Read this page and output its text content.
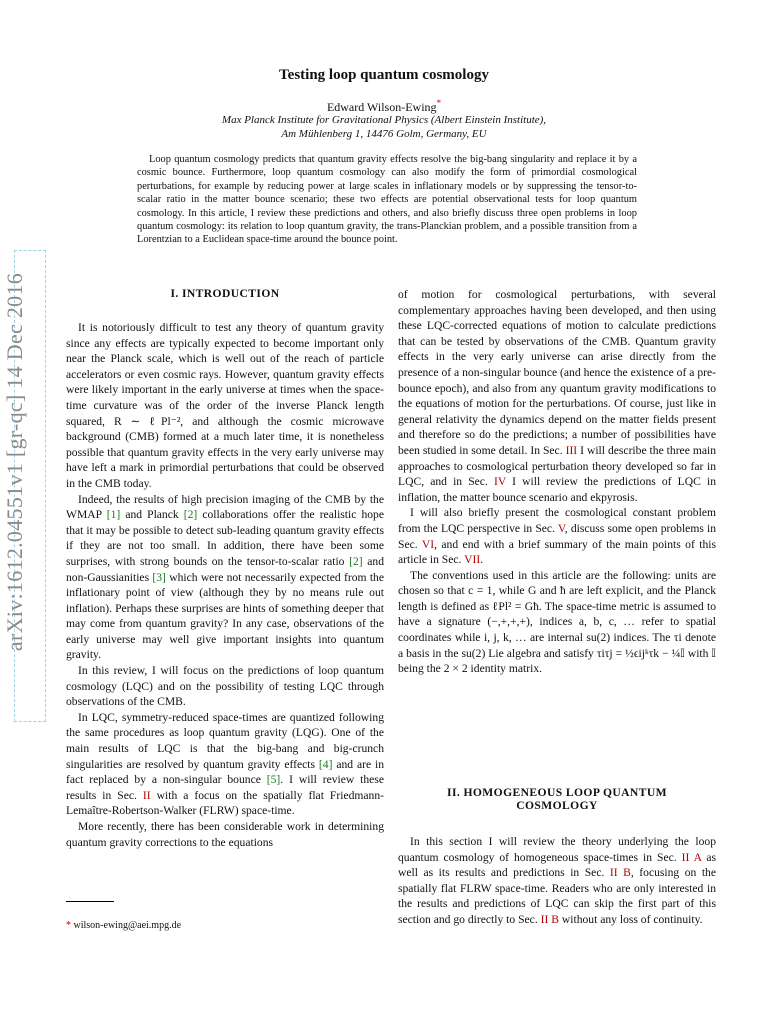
arXiv:1612.04551v1 [gr-qc] 14 Dec 2016
Testing loop quantum cosmology
Edward Wilson-Ewing*
Max Planck Institute for Gravitational Physics (Albert Einstein Institute),
Am Mühlenberg 1, 14476 Golm, Germany, EU
Loop quantum cosmology predicts that quantum gravity effects resolve the big-bang singularity and replace it by a cosmic bounce. Furthermore, loop quantum cosmology can also modify the form of primordial cosmological perturbations, for example by reducing power at large scales in inflationary models or by suppressing the tensor-to-scalar ratio in the matter bounce scenario; these two effects are potential observational tests for loop quantum cosmology. In this article, I review these predictions and others, and also briefly discuss three open problems in loop quantum cosmology: its relation to loop quantum gravity, the trans-Planckian problem, and a possible transition from a Lorentzian to a Euclidean space-time around the bounce point.
I. INTRODUCTION

It is notoriously difficult to test any theory of quantum gravity since any effects are typically expected to become important only near the Planck scale, which is well out of the reach of particle accelerators or even cosmic rays. However, quantum gravity effects were likely important in the early universe at times when the space-time curvature was of the order of the inverse Planck length squared, R ∼ ℓPl⁻², and although the cosmic microwave background (CMB) formed at a much later time, it is nonetheless possible that quantum gravity effects in the very early universe may have left a mark in primordial perturbations that could be observed in the CMB today.

Indeed, the results of high precision imaging of the CMB by the WMAP [1] and Planck [2] collaborations offer the realistic hope that it may be possible to detect sub-leading quantum gravity effects if they are not too small. In addition, there have been some surprises, with strong bounds on the tensor-to-scalar ratio [2] and non-Gaussianities [3] which were not necessarily expected from the inflationary point of view (although they by no means rule out inflation). Perhaps these surprises are hints of something deeper that may come from quantum gravity? In any case, observations of the early universe may well give important insights into quantum gravity.

In this review, I will focus on the predictions of loop quantum cosmology (LQC) and on the possibility of testing LQC through observations of the CMB.

In LQC, symmetry-reduced space-times are quantized following the same procedures as loop quantum gravity (LQG). One of the main results of LQC is that the big-bang and big-crunch singularities are resolved by quantum gravity effects [4] and are in fact replaced by a non-singular bounce [5]. I will review these results in Sec. II with a focus on the spatially flat Friedmann-Lemaître-Robertson-Walker (FLRW) space-time.

More recently, there has been considerable work in determining quantum gravity corrections to the equations

of motion for cosmological perturbations, with several complementary approaches having been developed, and then using these LQC-corrected equations of motion to calculate predictions that can be tested by observations of the CMB. Quantum gravity effects in the very early universe can arise directly from the presence of a non-singular bounce (and hence the existence of a pre-bounce epoch), and also from any quantum gravity modifications to the equations of motion for the perturbations. Of course, just like in general relativity the dynamics depend on the matter fields present and therefore so do the predictions; a number of possibilities have been studied in some detail. In Sec. III I will describe the three main approaches to cosmological perturbation theory developed so far in LQC, and in Sec. IV I will review the predictions of LQC in inflation, the matter bounce scenario and ekpyrosis.

I will also briefly present the cosmological constant problem from the LQC perspective in Sec. V, discuss some open problems in Sec. VI, and end with a brief summary of the main points of this article in Sec. VII.

The conventions used in this article are the following: units are chosen so that c = 1, while G and ħ are left explicit, and the Planck length is defined as ℓPl² = Għ. The space-time metric is assumed to have a signature (−,+,+,+), indices a, b, c, … refer to spatial coordinates while i, j, k, … are internal su(2) indices. The τi denote a basis in the su(2) Lie algebra and satisfy τiτj = ½ϵijᵏτk − ¼𝕀 with 𝕀 being the 2 × 2 identity matrix.

II. HOMOGENEOUS LOOP QUANTUM
COSMOLOGY

In this section I will review the theory underlying the loop quantum cosmology of homogeneous space-times in Sec. II A as well as its results and predictions in Sec. II B, focusing on the spatially flat FLRW space-time. Readers who are only interested in the results and predictions of LQC can skip the first part of this section and go directly to Sec. II B without any loss of continuity.

* wilson-ewing@aei.mpg.de
